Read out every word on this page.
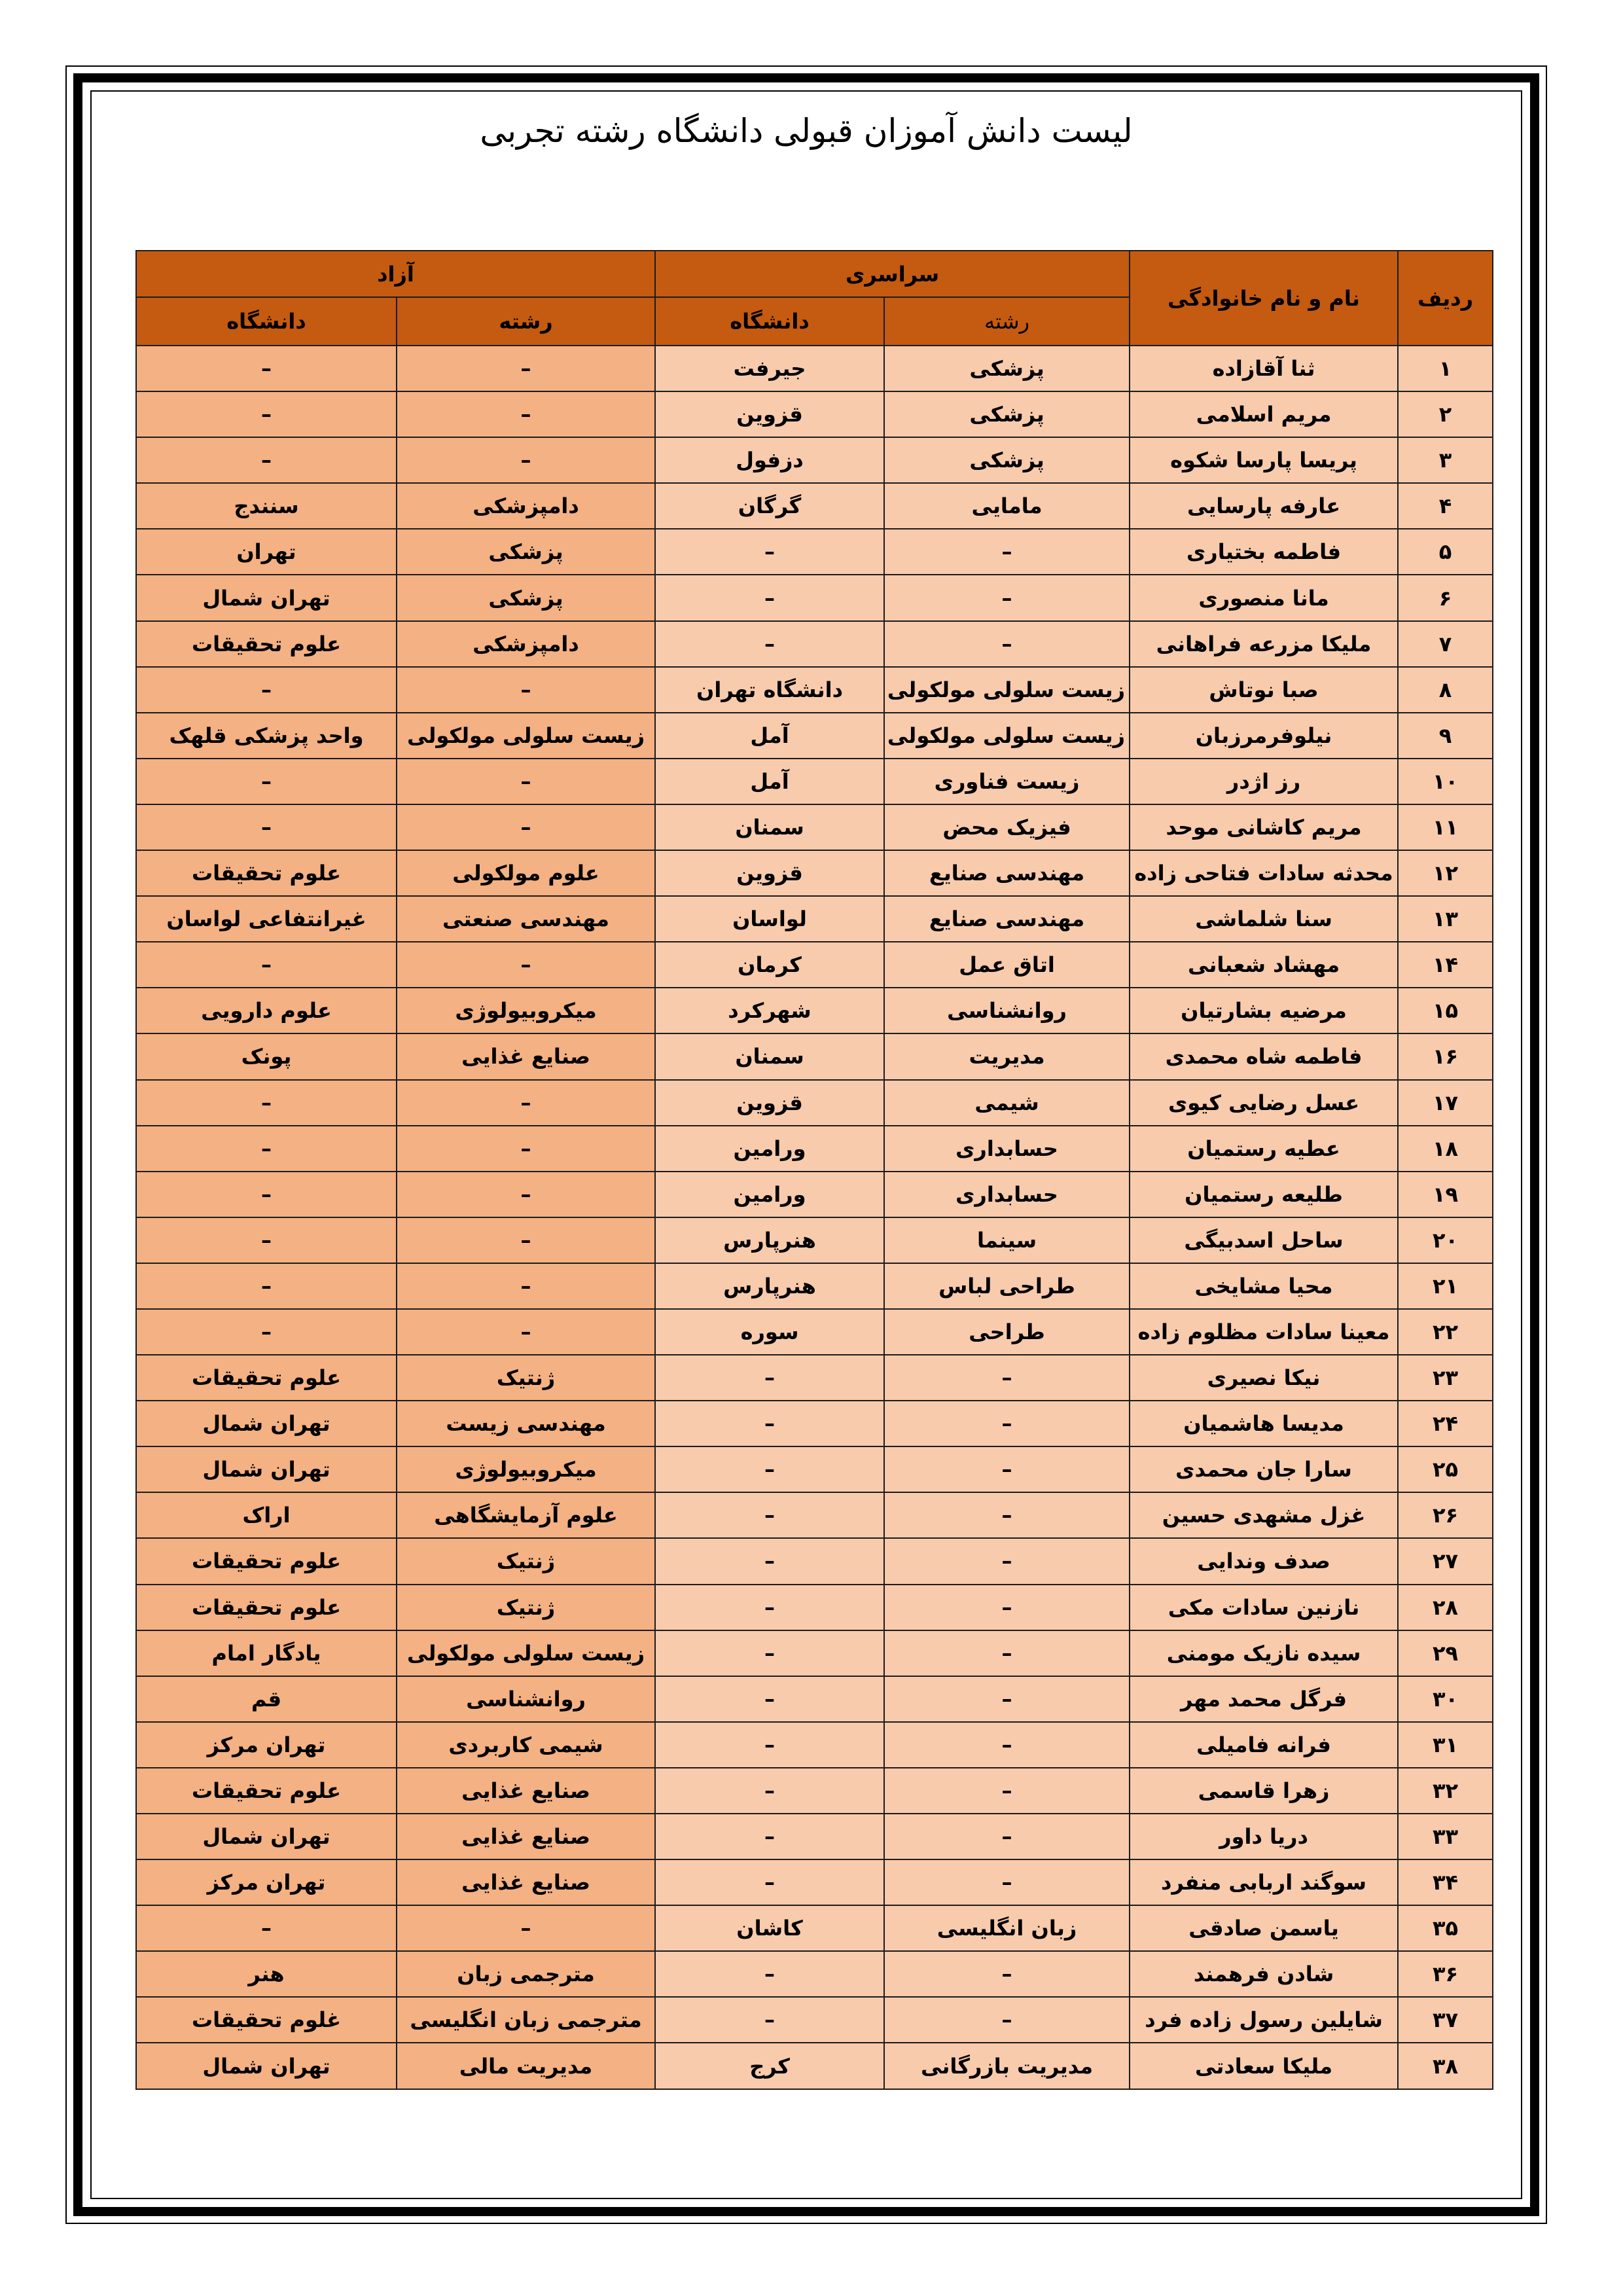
لیست دانش آموزان قبولی دانشگاه رشته تجربی
ردیف	نام و نام خانوادگی	سراسری		آزاد	
		رشته	دانشگاه	رشته	دانشگاه
۱	ثنا آقازاده	پزشکی	جیرفت	–	–
۲	مریم اسلامی	پزشکی	قزوین	–	–
۳	پریسا پارسا شکوه	پزشکی	دزفول	–	–
۴	عارفه پارسایی	مامایی	گرگان	دامپزشکی	سنندج
۵	فاطمه بختیاری	–	–	پزشکی	تهران
۶	مانا منصوری	–	–	پزشکی	تهران شمال
۷	ملیکا مزرعه فراهانی	–	–	دامپزشکی	علوم تحقیقات
۸	صبا نوتاش	زیست سلولی مولکولی	دانشگاه تهران	–	–
۹	نیلوفرمرزبان	زیست سلولی مولکولی	آمل	زیست سلولی مولکولی	واحد پزشکی قلهک
۱۰	رز اژدر	زیست فناوری	آمل	–	–
۱۱	مریم کاشانی موحد	فیزیک محض	سمنان	–	–
۱۲	محدثه سادات فتاحی زاده	مهندسی صنایع	قزوین	علوم مولکولی	علوم تحقیقات
۱۳	سنا شلماشی	مهندسی صنایع	لواسان	مهندسی صنعتی	غیرانتفاعی لواسان
۱۴	مهشاد شعبانی	اتاق عمل	کرمان	–	–
۱۵	مرضیه بشارتیان	روانشناسی	شهرکرد	میکروبیولوژی	علوم دارویی
۱۶	فاطمه شاه محمدی	مدیریت	سمنان	صنایع غذایی	پونک
۱۷	عسل رضایی کیوی	شیمی	قزوین	–	–
۱۸	عطیه رستمیان	حسابداری	ورامین	–	–
۱۹	طلیعه رستمیان	حسابداری	ورامین	–	–
۲۰	ساحل اسدبیگی	سینما	هنرپارس	–	–
۲۱	محیا مشایخی	طراحی لباس	هنرپارس	–	–
۲۲	معینا سادات مظلوم زاده	طراحی	سوره	–	–
۲۳	نیکا نصیری	–	–	ژنتیک	علوم تحقیقات
۲۴	مدیسا هاشمیان	–	–	مهندسی زیست	تهران شمال
۲۵	سارا جان محمدی	–	–	میکروبیولوژی	تهران شمال
۲۶	غزل مشهدی حسین	–	–	علوم آزمایشگاهی	اراک
۲۷	صدف وندایی	–	–	ژنتیک	علوم تحقیقات
۲۸	نازنین سادات مکی	–	–	ژنتیک	علوم تحقیقات
۲۹	سیده نازیک مومنی	–	–	زیست سلولی مولکولی	یادگار امام
۳۰	فرگل محمد مهر	–	–	روانشناسی	قم
۳۱	فرانه فامیلی	–	–	شیمی کاربردی	تهران مرکز
۳۲	زهرا قاسمی	–	–	صنایع غذایی	علوم تحقیقات
۳۳	دریا داور	–	–	صنایع غذایی	تهران شمال
۳۴	سوگند اربابی منفرد	–	–	صنایع غذایی	تهران مرکز
۳۵	یاسمن صادقی	زبان انگلیسی	کاشان	–	–
۳۶	شادن فرهمند	–	–	مترجمی زبان	هنر
۳۷	شایلین رسول زاده فرد	–	–	مترجمی زبان انگلیسی	غلوم تحقیقات
۳۸	ملیکا سعادتی	مدیریت بازرگانی	کرج	مدیریت مالی	تهران شمال
